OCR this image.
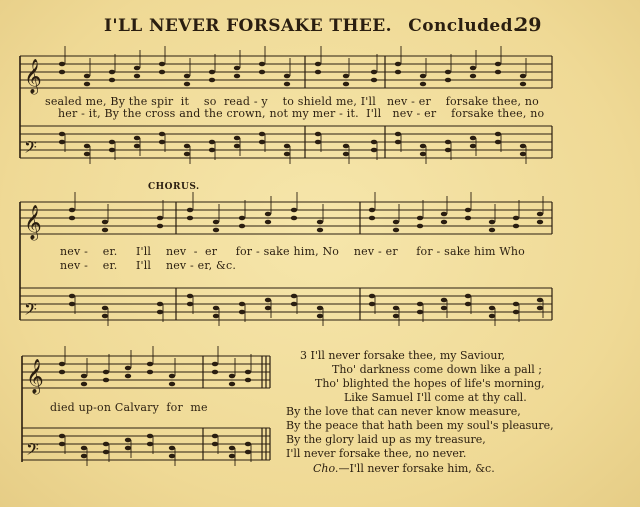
I'LL NEVER FORSAKE THEE. Concluded.
29
𝄞
𝄢
𝄞
𝄢
𝄞
𝄢
sealed me, By the spir  it    so  read - y    to shield me, I'll   nev - er    forsake thee, no
her - it, By the cross and the crown, not my mer - it.  I'll   nev - er    forsake thee, no
CHORUS.
nev -    er.     I'll    nev  -  er     for - sake him, No    nev - er     for - sake him Who
nev -    er.     I'll    nev - er, &c.
died up-on Calvary  for  me
3 I'll never forsake thee, my Saviour,
Tho' darkness come down like a pall ;
Tho' blighted the hopes of life's morning,
Like Samuel I'll come at thy call.
By the love that can never know measure,
By the peace that hath been my soul's pleasure,
By the glory laid up as my treasure,
I'll never forsake thee, no never.
Cho.—I'll never forsake him, &c.
